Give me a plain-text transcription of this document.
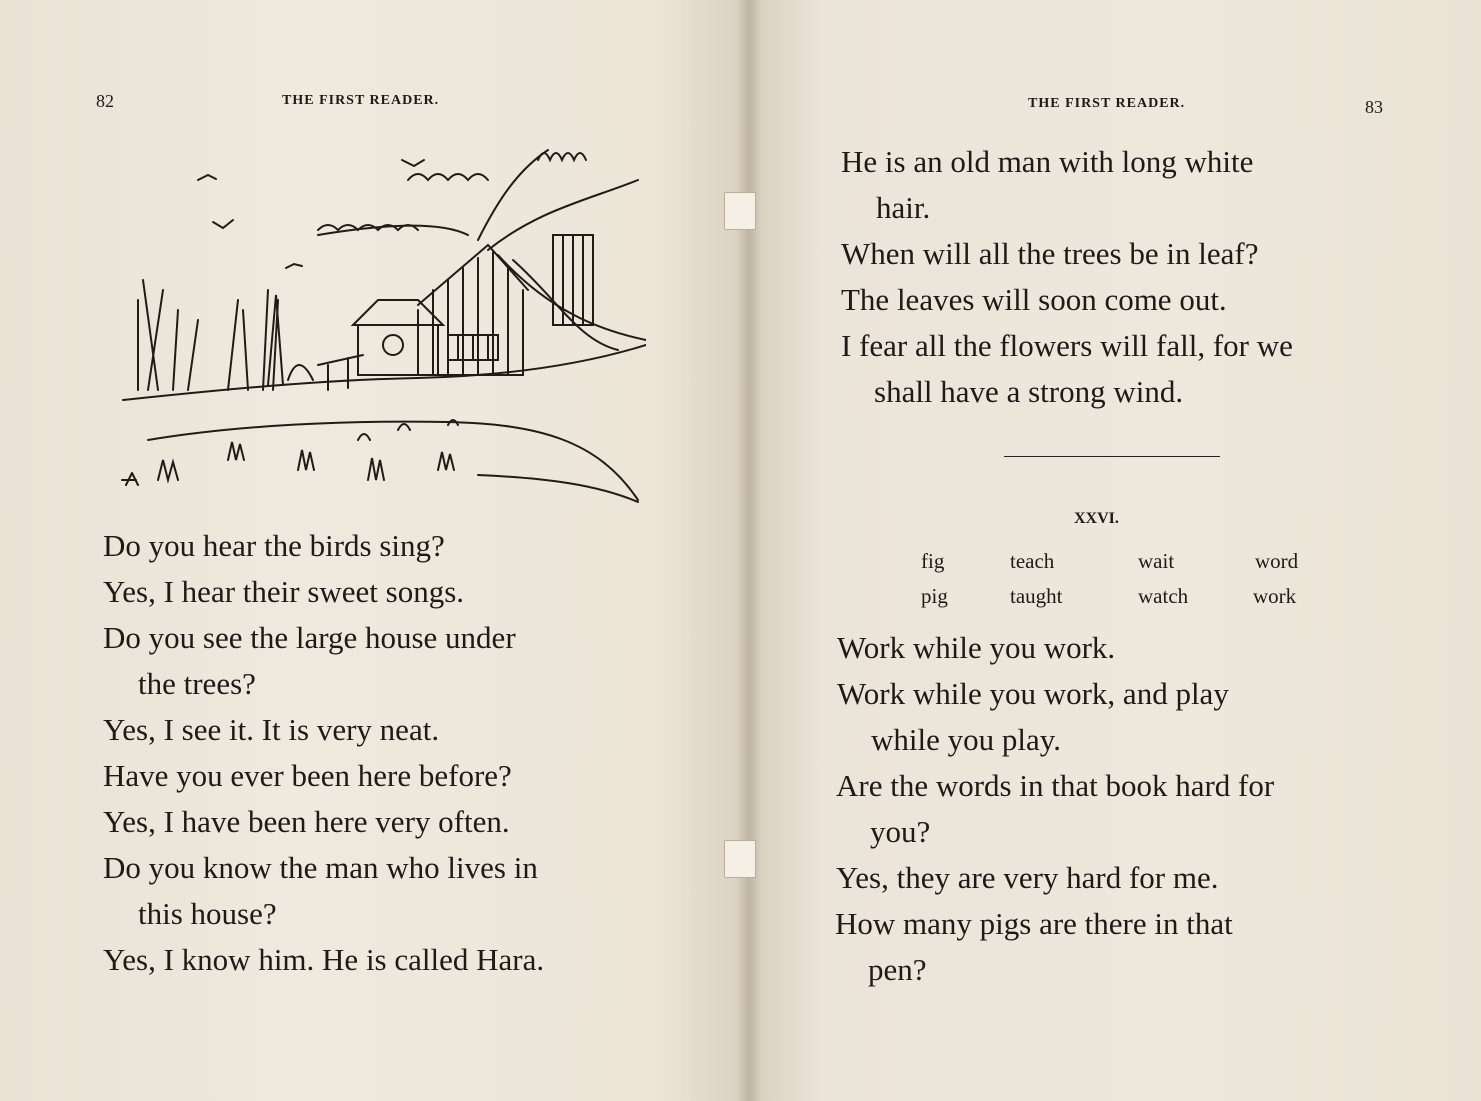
82	THE FIRST READER.
Do you hear the birds sing?
Yes, I hear their sweet songs.
Do you see the large house under
the trees?
Yes, I see it. It is very neat.
Have you ever been here before?
Yes, I have been here very often.
Do you know the man who lives in
this house?
Yes, I know him. He is called Hara.
THE FIRST READER.	83
He is an old man with long white
hair.
When will all the trees be in leaf?
The leaves will soon come out.
I fear all the flowers will fall, for we
shall have a strong wind.
XXVI.
fig	teach	wait	word
pig	taught	watch	work
Work while you work.
Work while you work, and play
while you play.
Are the words in that book hard for
you?
Yes, they are very hard for me.
How many pigs are there in that
pen?
